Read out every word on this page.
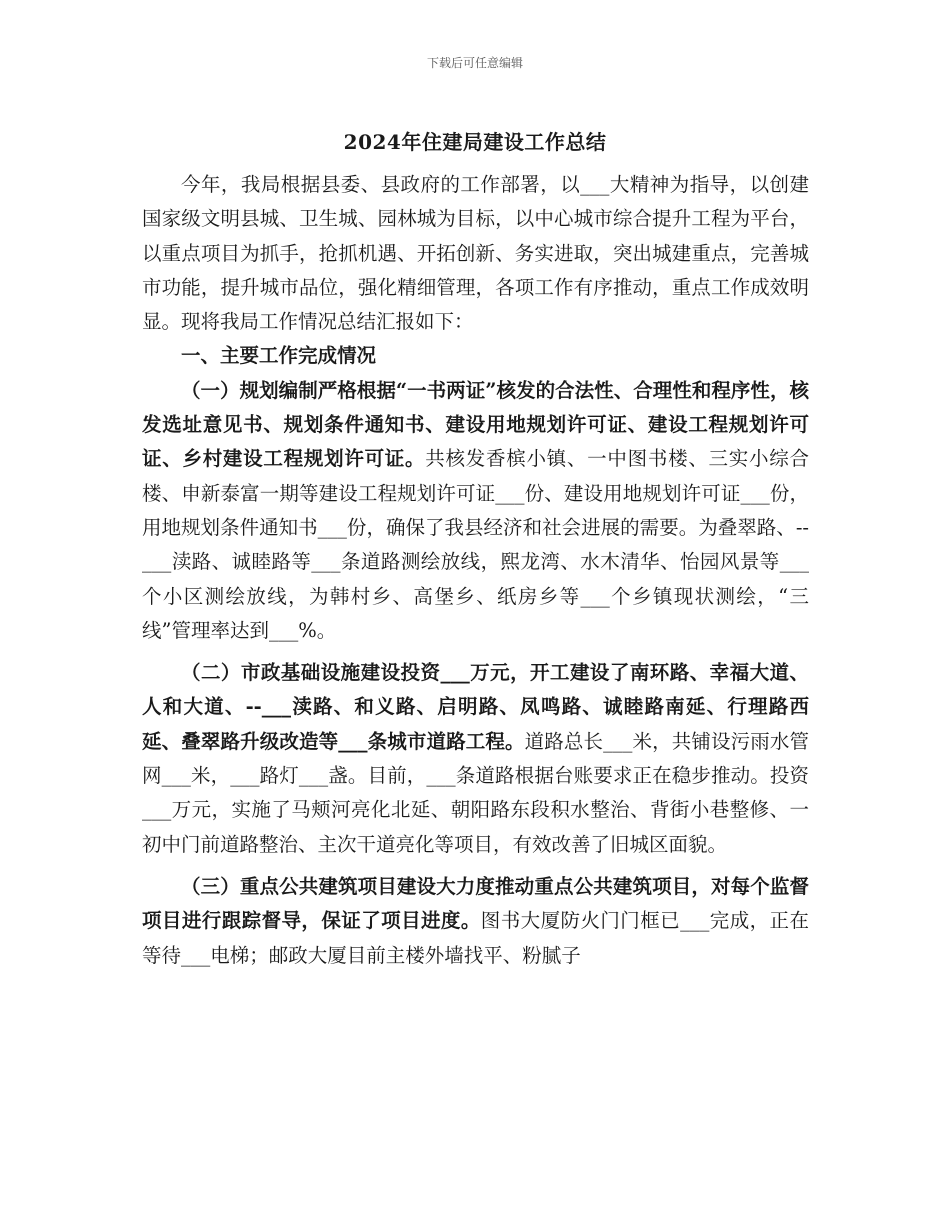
下载后可任意编辑
2024年住建局建设工作总结

今年，我局根据县委、县政府的工作部署，以___大精神为指导，以创建国家级文明县城、卫生城、园林城为目标，以中心城市综合提升工程为平台，以重点项目为抓手，抢抓机遇、开拓创新、务实进取，突出城建重点，完善城市功能，提升城市品位，强化精细管理，各项工作有序推动，重点工作成效明显。现将我局工作情况总结汇报如下：

一、主要工作完成情况

（一）规划编制严格根据“一书两证”核发的合法性、合理性和程序性，核发选址意见书、规划条件通知书、建设用地规划许可证、建设工程规划许可证、乡村建设工程规划许可证。共核发香槟小镇、一中图书楼、三实小综合楼、申新泰富一期等建设工程规划许可证___份、建设用地规划许可证___份，用地规划条件通知书___份，确保了我县经济和社会进展的需要。为叠翠路、--___渎路、诚睦路等___条道路测绘放线，熙龙湾、水木清华、怡园风景等___个小区测绘放线，为韩村乡、高堡乡、纸房乡等___个乡镇现状测绘，“三线”管理率达到___%。

（二）市政基础设施建设投资___万元，开工建设了南环路、幸福大道、人和大道、--___渎路、和义路、启明路、凤鸣路、诚睦路南延、行理路西延、叠翠路升级改造等___条城市道路工程。道路总长___米，共铺设污雨水管网___米，___路灯___盏。目前，___条道路根据台账要求正在稳步推动。投资___万元，实施了马颊河亮化北延、朝阳路东段积水整治、背街小巷整修、一初中门前道路整治、主次干道亮化等项目，有效改善了旧城区面貌。

（三）重点公共建筑项目建设大力度推动重点公共建筑项目，对每个监督项目进行跟踪督导，保证了项目进度。图书大厦防火门门框已___完成，正在等待___电梯；邮政大厦目前主楼外墙找平、粉腻子
